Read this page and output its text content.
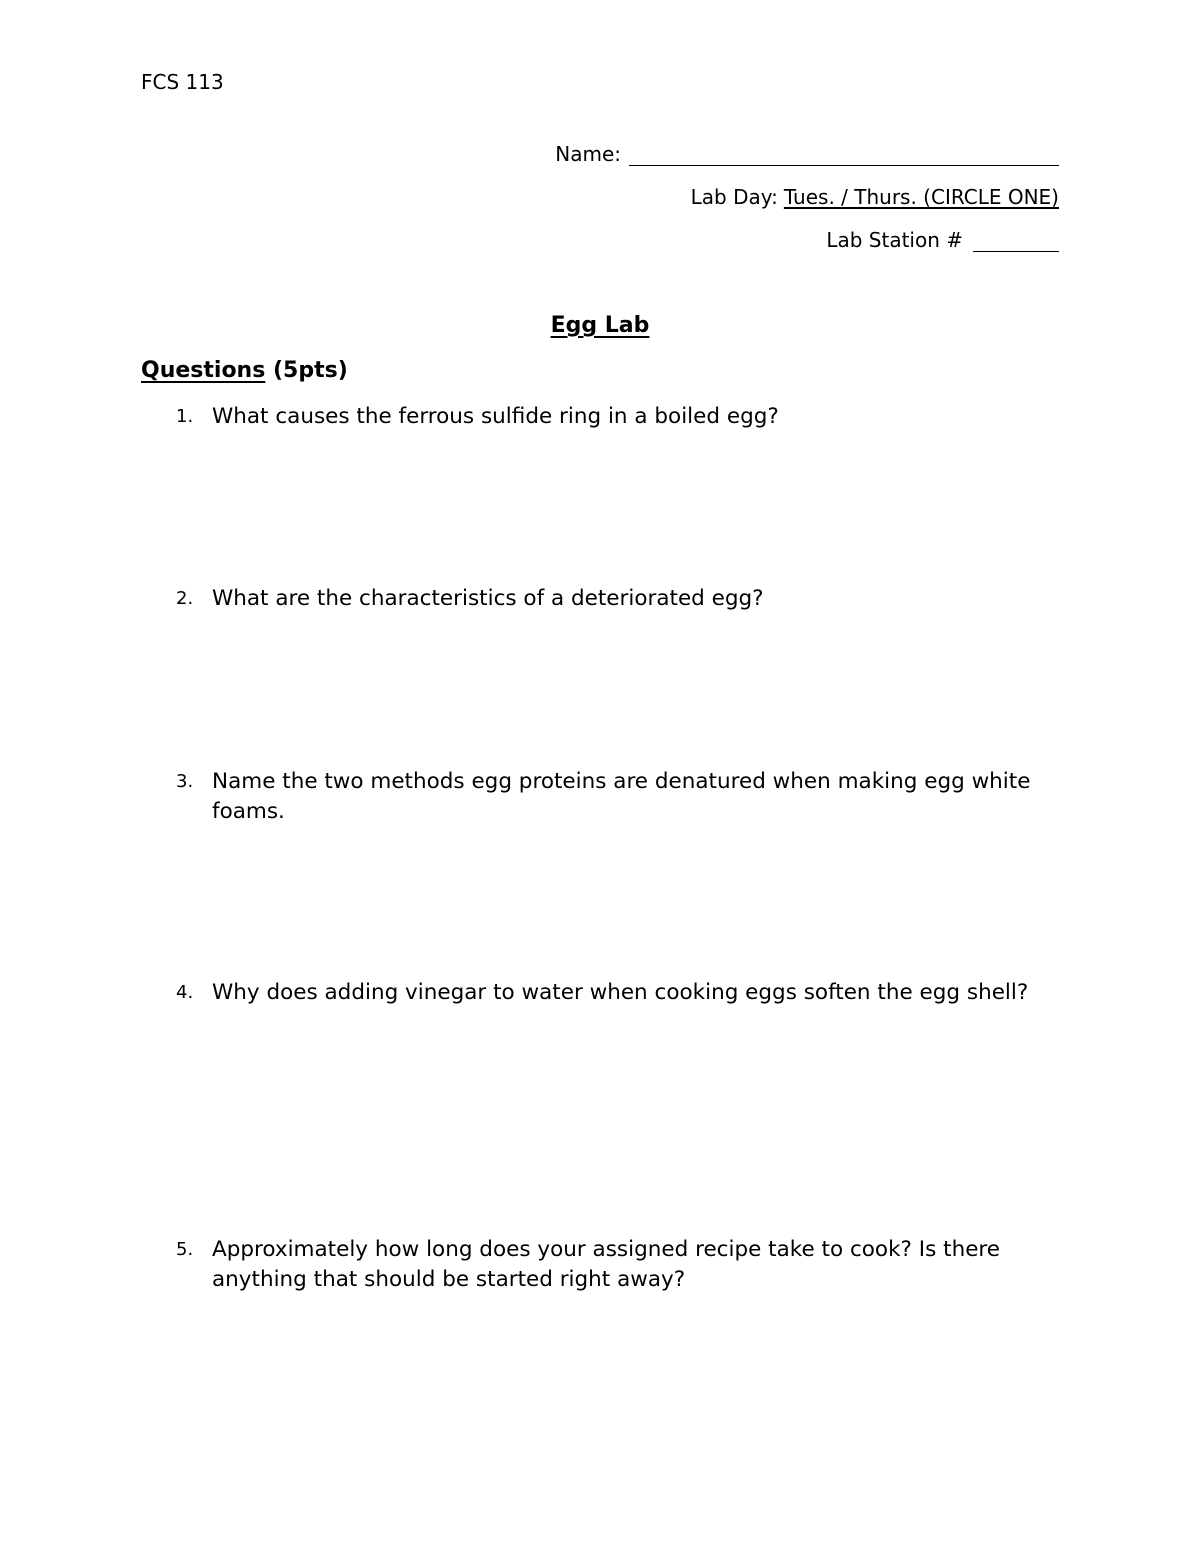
FCS 113
Name:
Lab Day: Tues. / Thurs. (CIRCLE ONE)
Lab Station #
Egg Lab
Questions (5pts)
1. What causes the ferrous sulfide ring in a boiled egg?
2. What are the characteristics of a deteriorated egg?
3. Name the two methods egg proteins are denatured when making egg white foams.
4. Why does adding vinegar to water when cooking eggs soften the egg shell?
5. Approximately how long does your assigned recipe take to cook? Is there anything that should be started right away?
